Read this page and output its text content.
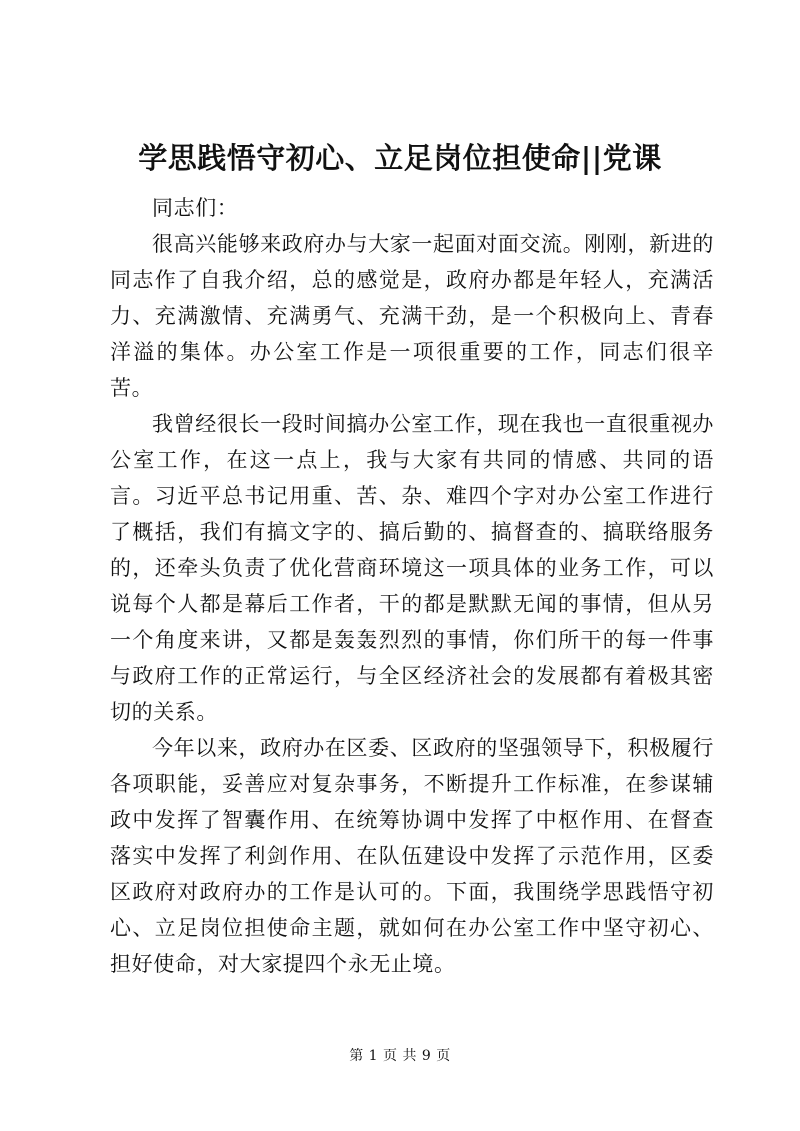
学思践悟守初心、立足岗位担使命||党课

同志们：

很高兴能够来政府办与大家一起面对面交流。刚刚，新进的同志作了自我介绍，总的感觉是，政府办都是年轻人，充满活力、充满激情、充满勇气、充满干劲，是一个积极向上、青春洋溢的集体。办公室工作是一项很重要的工作，同志们很辛苦。

我曾经很长一段时间搞办公室工作，现在我也一直很重视办公室工作，在这一点上，我与大家有共同的情感、共同的语言。习近平总书记用重、苦、杂、难四个字对办公室工作进行了概括，我们有搞文字的、搞后勤的、搞督查的、搞联络服务的，还牵头负责了优化营商环境这一项具体的业务工作，可以说每个人都是幕后工作者，干的都是默默无闻的事情，但从另一个角度来讲，又都是轰轰烈烈的事情，你们所干的每一件事与政府工作的正常运行，与全区经济社会的发展都有着极其密切的关系。

今年以来，政府办在区委、区政府的坚强领导下，积极履行各项职能，妥善应对复杂事务，不断提升工作标准，在参谋辅政中发挥了智囊作用、在统筹协调中发挥了中枢作用、在督查落实中发挥了利剑作用、在队伍建设中发挥了示范作用，区委区政府对政府办的工作是认可的。下面，我围绕学思践悟守初心、立足岗位担使命主题，就如何在办公室工作中坚守初心、担好使命，对大家提四个永无止境。

第 1 页 共 9 页
